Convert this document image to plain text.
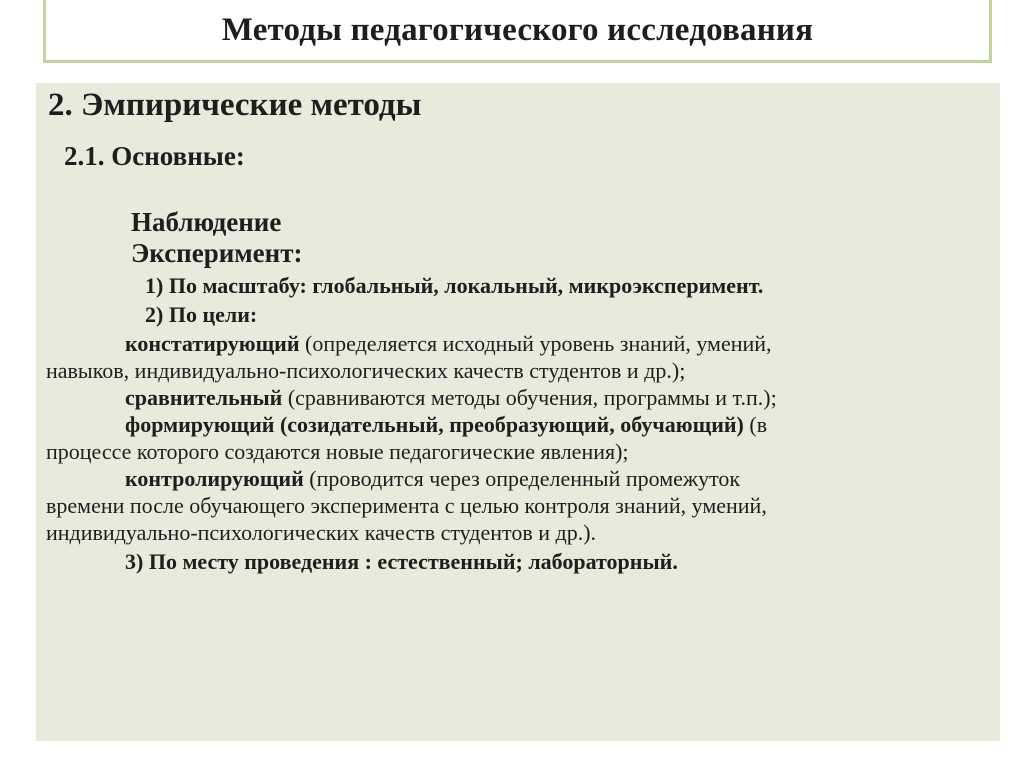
Методы педагогического исследования
2. Эмпирические методы
2.1. Основные:
Наблюдение
Эксперимент:
1) По масштабу: глобальный, локальный, микроэксперимент.
2) По цели:
констатирующий (определяется исходный уровень знаний, умений,
навыков, индивидуально-психологических качеств студентов и др.);
сравнительный (сравниваются методы обучения, программы и т.п.);
формирующий (созидательный, преобразующий, обучающий) (в
процессе которого создаются новые педагогические явления);
контролирующий (проводится через определенный промежуток
времени после обучающего эксперимента с целью контроля знаний, умений,
индивидуально-психологических качеств студентов и др.).
3) По месту проведения : естественный; лабораторный.
